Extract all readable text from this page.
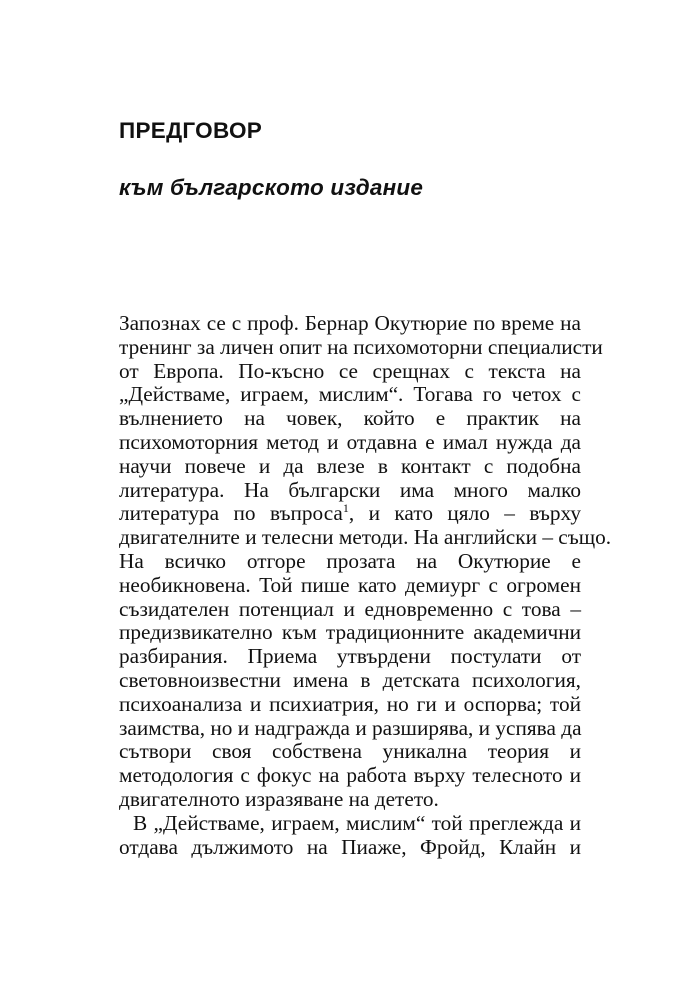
ПРЕДГОВОР
към българското издание
Запознах се с проф. Бернар Окутюрие по време на
тренинг за личен опит на психомоторни специалисти
от Европа. По-късно се срещнах с текста на
„Действаме, играем, мислим“. Тогава го четох с
вълнението на човек, който е практик на
психомоторния метод и отдавна е имал нужда да
научи повече и да влезе в контакт с подобна
литература. На български има много малко
литература по въпроса$^1$, и като цяло – върху
двигателните и телесни методи. На английски – също.
На всичко отгоре прозата на Окутюрие е
необикновена. Той пише като демиург с огромен
съзидателен потенциал и едновременно с това –
предизвикателно към традиционните академични
разбирания. Приема утвърдени постулати от
световноизвестни имена в детската психология,
психоанализа и психиатрия, но ги и оспорва; той
заимства, но и надгражда и разширява, и успява да
сътвори своя собствена уникална теория и
методология с фокус на работа върху телесното и
двигателното изразяване на детето.
В „Действаме, играем, мислим“ той преглежда и
отдава дължимото на Пиаже, Фройд, Клайн и
